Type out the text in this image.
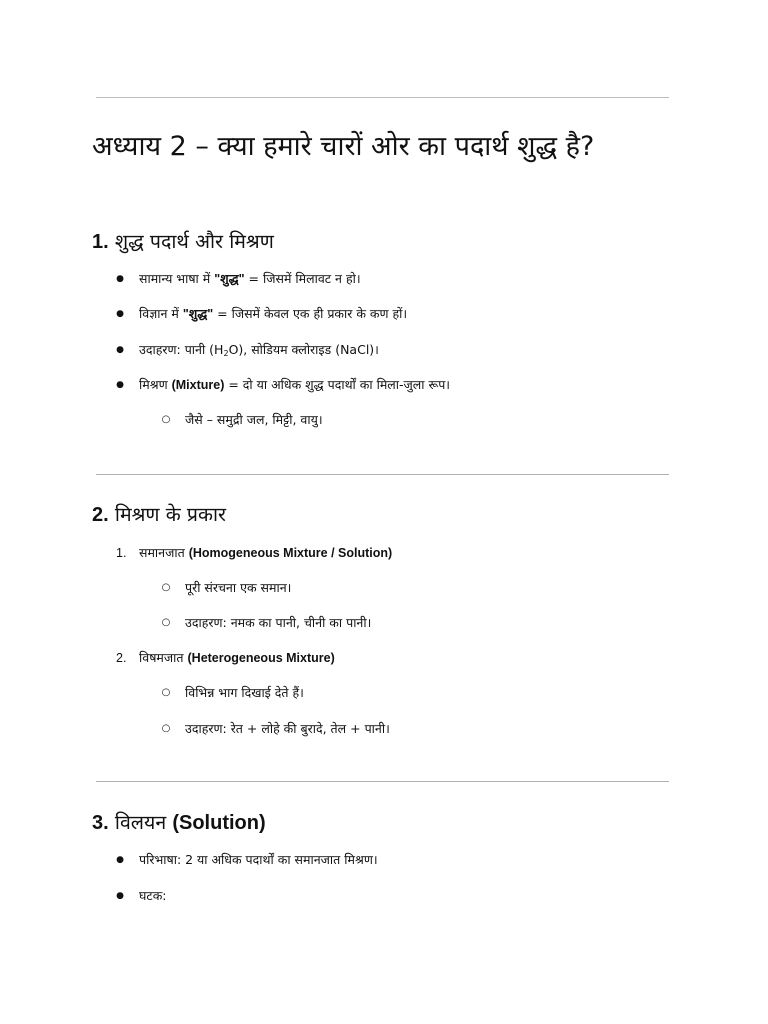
अध्याय 2 – क्या हमारे चारों ओर का पदार्थ शुद्ध है?
1. शुद्ध पदार्थ और मिश्रण
●
सामान्य भाषा में "शुद्ध" = जिसमें मिलावट न हो।
●
विज्ञान में "शुद्ध" = जिसमें केवल एक ही प्रकार के कण हों।
●
उदाहरण: पानी $(H_2O)$, सोडियम क्लोराइड (NaCl)।
●
मिश्रण (Mixture) = दो या अधिक शुद्ध पदार्थों का मिला-जुला रूप।
○
जैसे – समुद्री जल, मिट्टी, वायु।
2. मिश्रण के प्रकार
1. समानजात (Homogeneous Mixture / Solution)
○
पूरी संरचना एक समान।
○
उदाहरण: नमक का पानी, चीनी का पानी।
2. विषमजात (Heterogeneous Mixture)
○
विभिन्न भाग दिखाई देते हैं।
○
उदाहरण: रेत + लोहे की बुरादे, तेल + पानी।
3. विलयन (Solution)
●
परिभाषा: 2 या अधिक पदार्थों का समानजात मिश्रण।
●
घटक:
